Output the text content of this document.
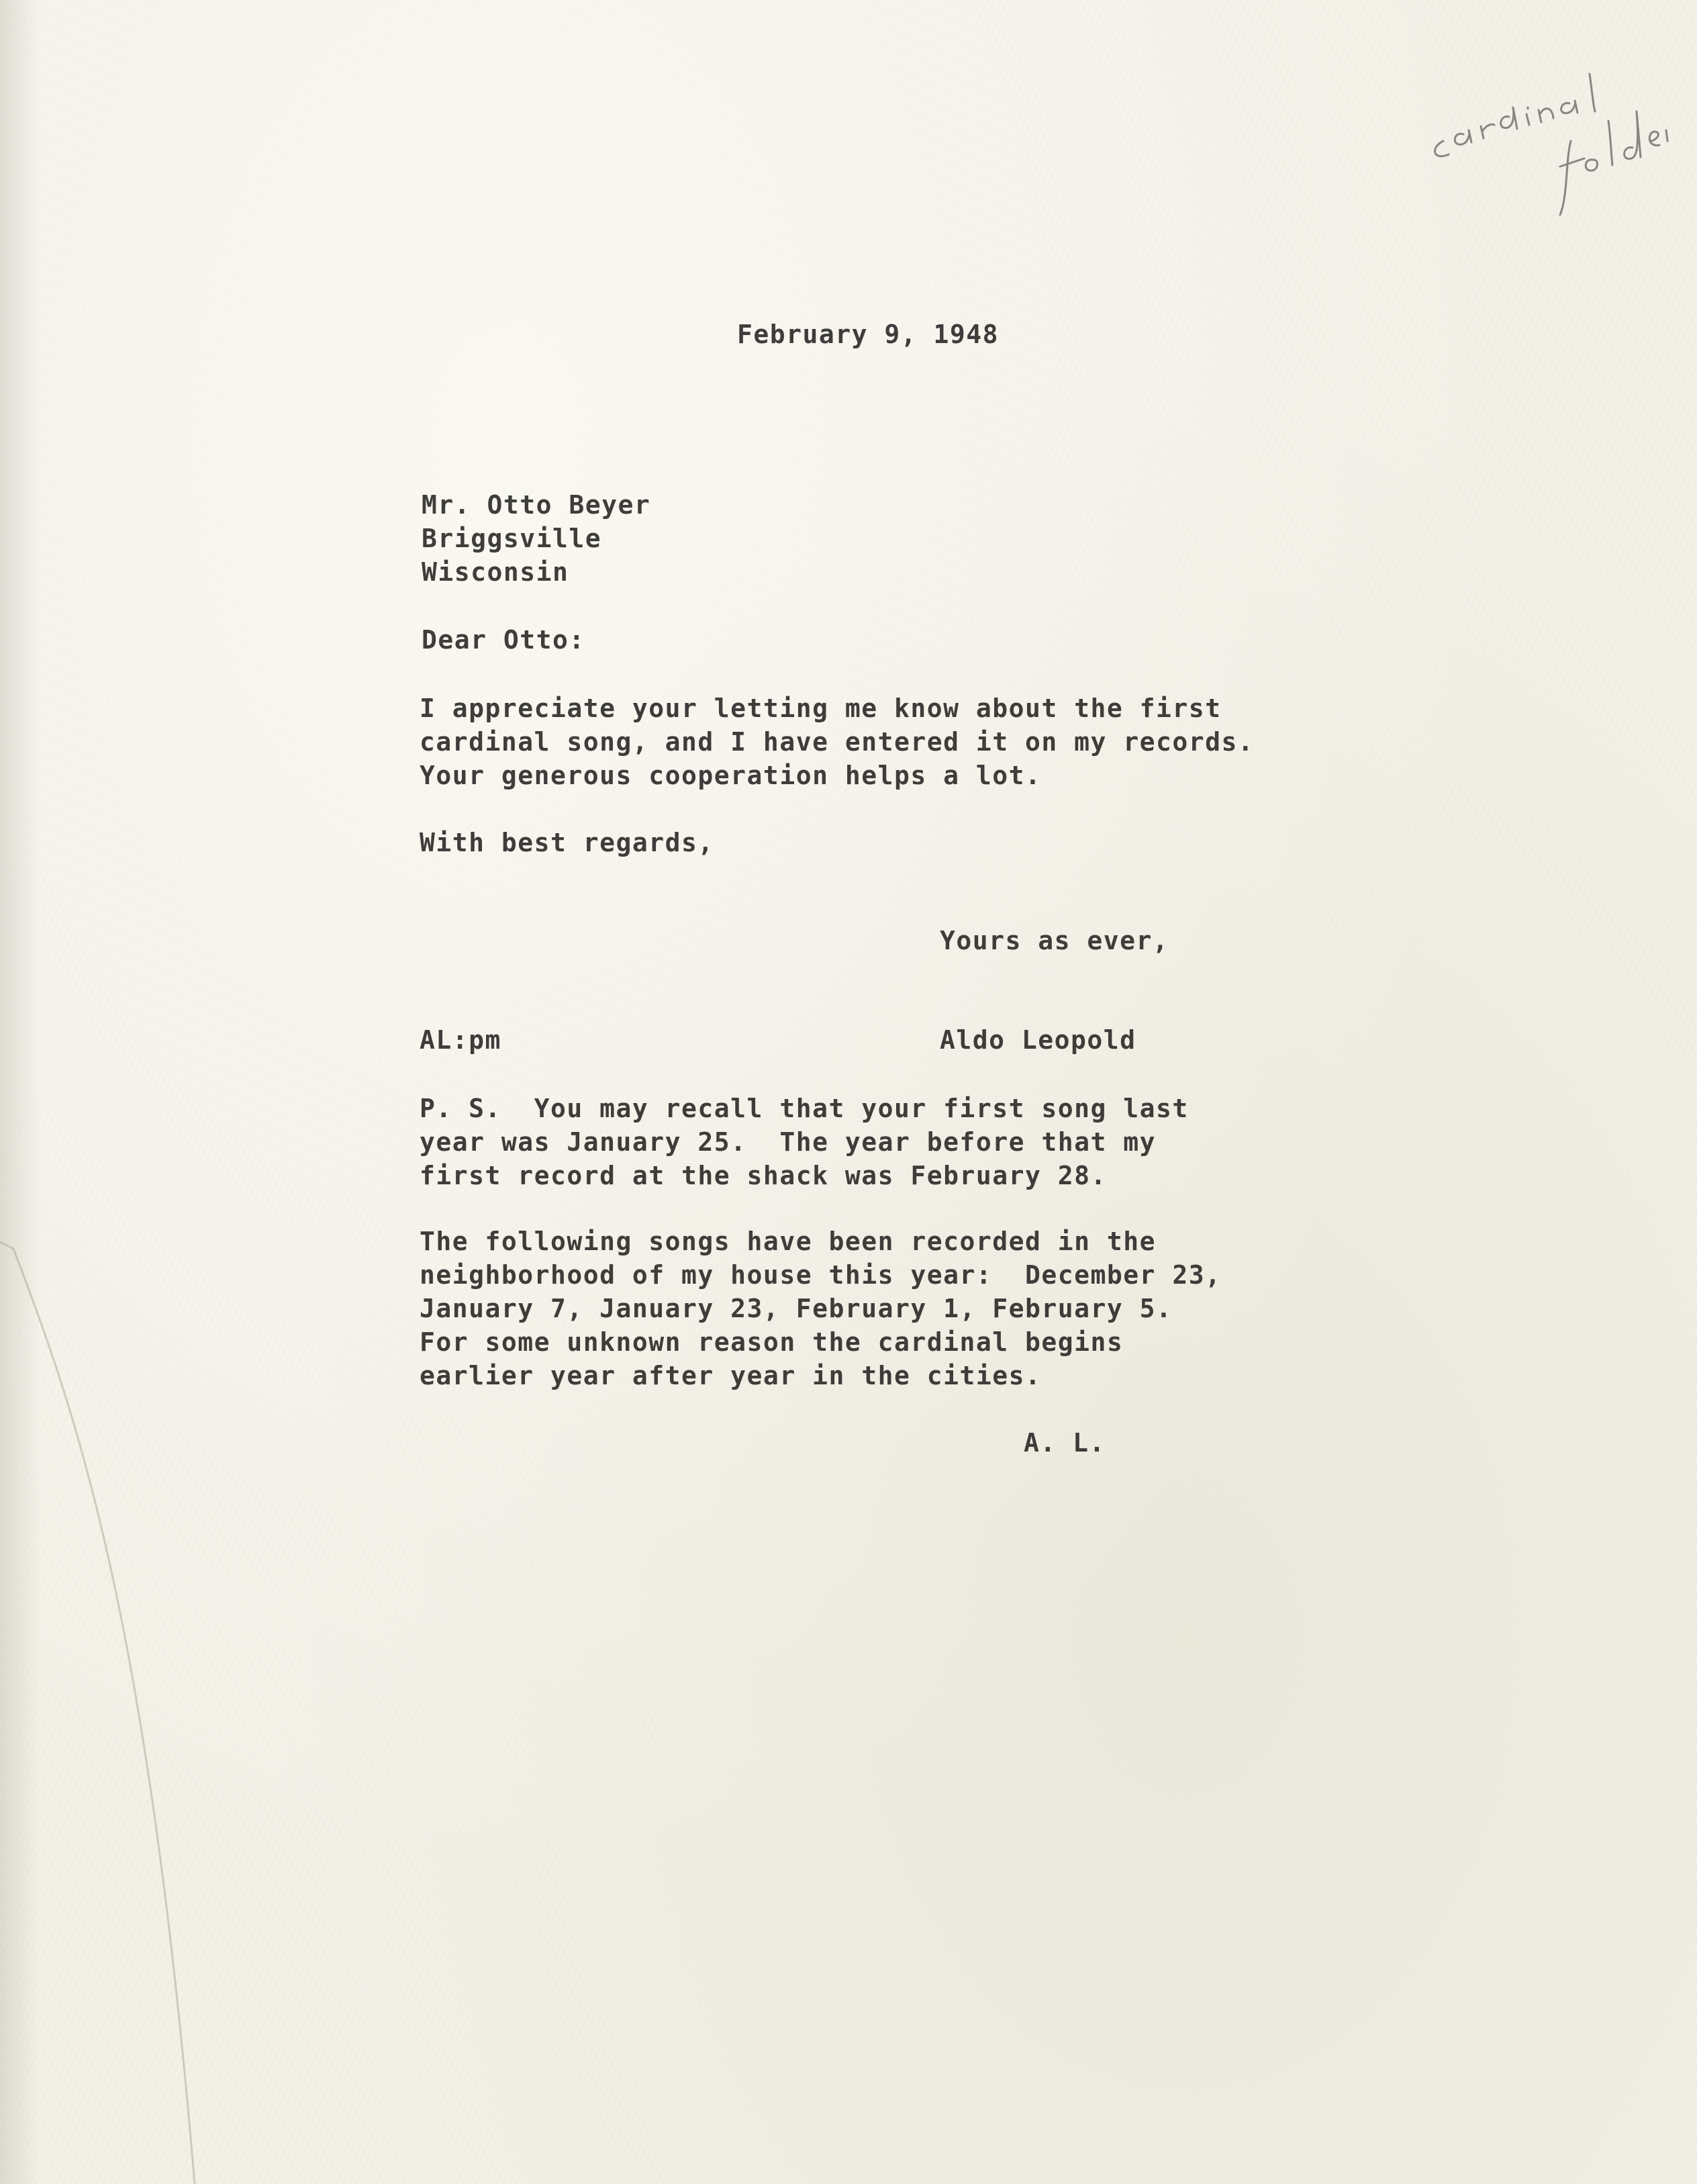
February 9, 1948
Mr. Otto Beyer
Briggsville
Wisconsin
Dear Otto:
I appreciate your letting me know about the first
cardinal song, and I have entered it on my records.
Your generous cooperation helps a lot.
With best regards,
Yours as ever,
AL:pm	Aldo Leopold
P. S.  You may recall that your first song last
year was January 25.  The year before that my
first record at the shack was February 28.
The following songs have been recorded in the
neighborhood of my house this year:  December 23,
January 7, January 23, February 1, February 5.
For some unknown reason the cardinal begins
earlier year after year in the cities.
A. L.
